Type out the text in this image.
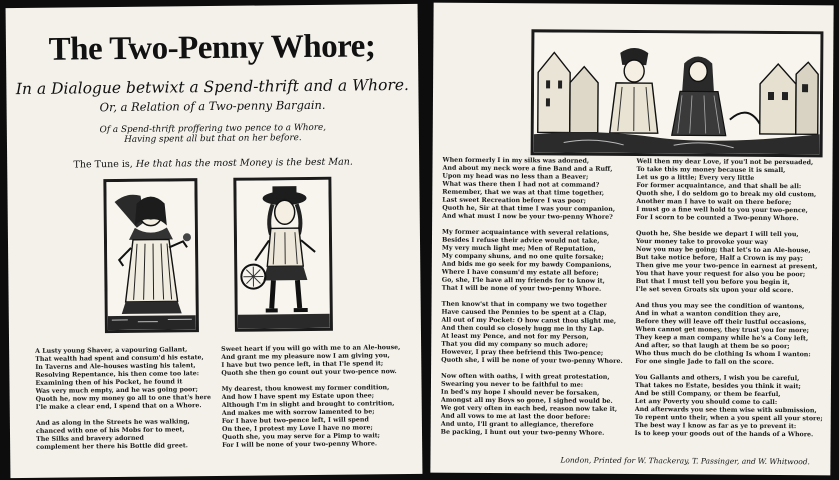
The Two-Penny Whore;
In a Dialogue betwixt a Spend-thrift and a Whore.
Or, a Relation of a Two-penny Bargain.
Of a Spend-thrift proffering two pence to a Whore,
Having spent all but that on her before.
The Tune is, He that has the most Money is the best Man.
A Lusty young Shaver, a vapouring Gallant,
That wealth had spent and consum'd his estate,
In Taverns and Ale-houses wasting his talent,
Resolving Repentance, his then come too late:
Examining then of his Pocket, he found it
Was very much empty, and he was going poor;
Quoth he, now my money go all to one that's here
I'le make a clear end, I spend that on a Whore.
And as along in the Streets he was walking,
chanced with one of his Mobs for to meet,
The Silks and bravery adorned
complement her there his Bottle did greet.
Sweet heart if you will go with me to an Ale-house,
And grant me my pleasure now I am giving you,
I have but two pence left, in that I'le spend it;
Quoth she then go count out your two-pence now.
My dearest, thou knowest my former condition,
And how I have spent my Estate upon thee;
Although I'm in slight and brought to contrition,
And makes me with sorrow lamented to be;
For I have but two-pence left, I will spend
On thee, I protest my Love I have no more;
Quoth she, you may serve for a Pimp to wait;
For I will be none of your two-penny Whore.
When formerly I in my silks was adorned,
And about my neck wore a fine Band and a Ruff,
Upon my head was no less than a Beaver;
What was there then I had not at command?
Remember, that we was at that time together,
Last sweet Recreation before I was poor;
Quoth he, Sir at that time I was your companion,
And what must I now be your two-penny Whore?
My former acquaintance with several relations,
Besides I refuse their advice would not take,
My very much light me; Men of Reputation,
My company shuns, and no one quite forsake;
And bids me go seek for my bawdy Companions,
Where I have consum'd my estate all before;
Go, she, I'le have all my friends for to know it,
That I will be none of your two-penny Whore.
Then know'st that in company we two together
Have caused the Pennies to be spent at a Clap,
All out of my Pocket: O how canst thou slight me,
And then could so closely hugg me in thy Lap.
At least my Pence, and not for my Person,
That you did my company so much adore;
However, I pray thee befriend this Two-pence;
Quoth she, I will be none of your two-penny Whore.
Now often with oaths, I with great protestation,
Swearing you never to be faithful to me:
In bed's my hope I should never be forsaken,
Amongst all my Boys so gone, I sighed would be.
We got very often in each bed, reason now take it,
And all vows to me at last the door before:
And unto, I'll grant to allegiance, therefore
Be packing, I hunt out your two-penny Whore.
Well then my dear Love, if you'l not be persuaded,
To take this my money because it is small,
Let us go a little; Every very little
For former acquaintance, and that shall be all:
Quoth she, I do seldom go to break my old custom,
Another man I have to wait on there before;
I must go a fine well hold to you your two-pence,
For I scorn to be counted a Two-penny Whore.
Quoth he, She beside we depart I will tell you,
Your money take to provoke your way
Now you may be going; that let's to an Ale-house,
But take notice before, Half a Crown is my pay;
Then give me your two-pence in earnest at present,
You that have your request for also you be poor;
But that I must tell you before you begin it,
I'le set seven Groats six upon your old score.
And thus you may see the condition of wantons,
And in what a wanton condition they are,
Before they will leave off their lustful occasions,
When cannot get money, they trust you for more;
They keep a man company while he's a Cony left,
And after, so that laugh at them be so poor;
Who thus much do be clothing Is whom I wanton:
For one single Jade to fall on the score.
You Gallants and others, I wish you be careful,
That takes no Estate, besides you think it wait;
And be still Company, or them be fearful,
Let any Poverty you should come to call:
And afterwards you see them wise with submission,
To repent unto their, when a you spent all your store;
The best way I know as far as ye to prevent it:
Is to keep your goods out of the hands of a Whore.
London, Printed for W. Thackeray, T. Passinger, and W. Whitwood.
